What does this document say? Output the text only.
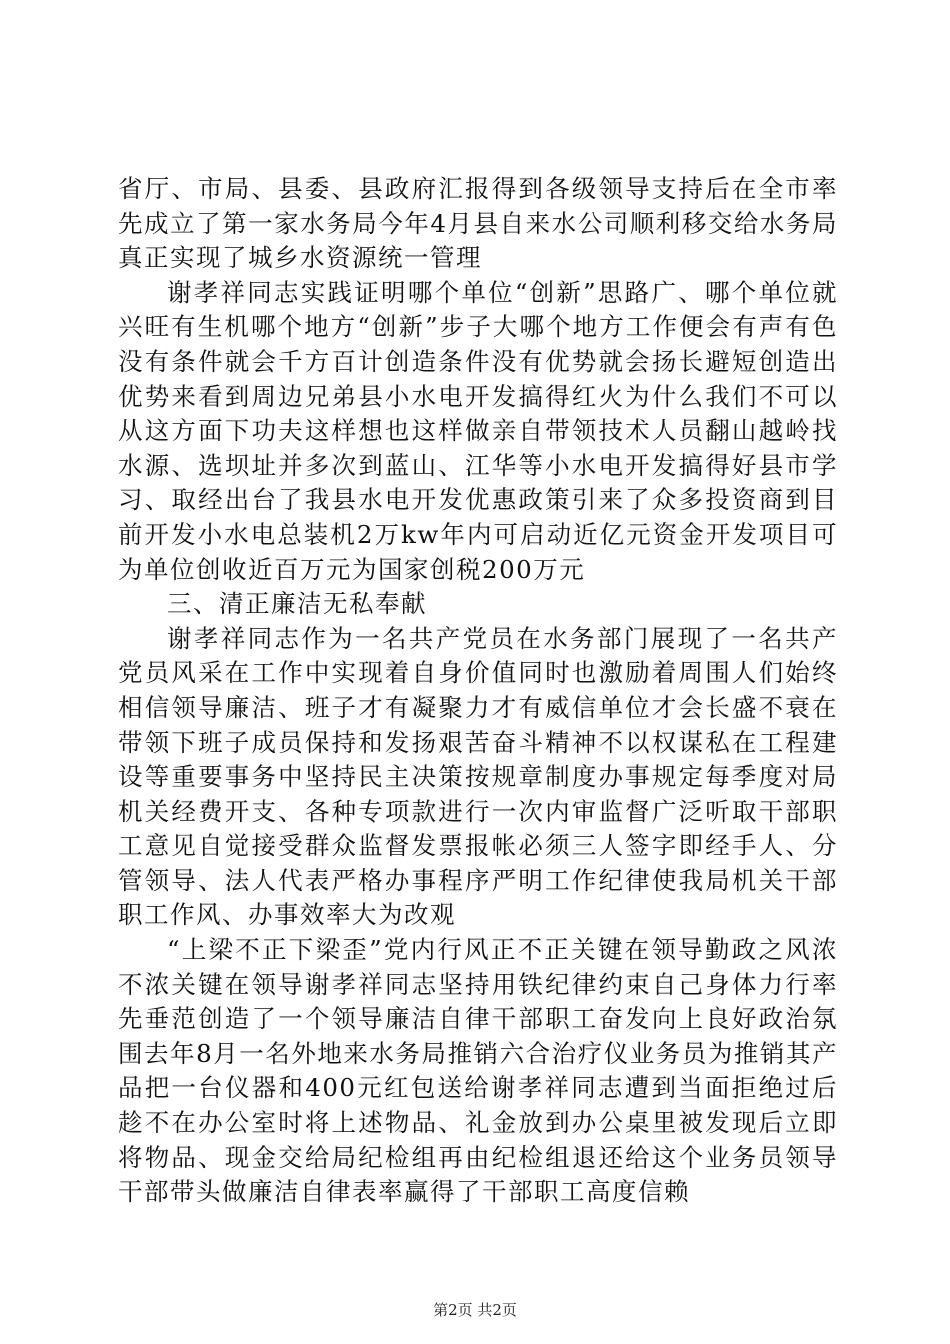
省厅、市局、县委、县政府汇报得到各级领导支持后在全市率先成立了第一家水务局今年4月县自来水公司顺利移交给水务局真正实现了城乡水资源统一管理

谢孝祥同志实践证明哪个单位“创新”思路广、哪个单位就兴旺有生机哪个地方“创新”步子大哪个地方工作便会有声有色没有条件就会千方百计创造条件没有优势就会扬长避短创造出优势来看到周边兄弟县小水电开发搞得红火为什么我们不可以从这方面下功夫这样想也这样做亲自带领技术人员翻山越岭找水源、选坝址并多次到蓝山、江华等小水电开发搞得好县市学习、取经出台了我县水电开发优惠政策引来了众多投资商到目前开发小水电总装机2万kw年内可启动近亿元资金开发项目可为单位创收近百万元为国家创税200万元

三、清正廉洁无私奉献

谢孝祥同志作为一名共产党员在水务部门展现了一名共产党员风采在工作中实现着自身价值同时也激励着周围人们始终相信领导廉洁、班子才有凝聚力才有威信单位才会长盛不衰在带领下班子成员保持和发扬艰苦奋斗精神不以权谋私在工程建设等重要事务中坚持民主决策按规章制度办事规定每季度对局机关经费开支、各种专项款进行一次内审监督广泛听取干部职工意见自觉接受群众监督发票报帐必须三人签字即经手人、分管领导、法人代表严格办事程序严明工作纪律使我局机关干部职工作风、办事效率大为改观

“上梁不正下梁歪”党内行风正不正关键在领导勤政之风浓不浓关键在领导谢孝祥同志坚持用铁纪律约束自己身体力行率先垂范创造了一个领导廉洁自律干部职工奋发向上良好政治氛围去年8月一名外地来水务局推销六合治疗仪业务员为推销其产品把一台仪器和400元红包送给谢孝祥同志遭到当面拒绝过后趁不在办公室时将上述物品、礼金放到办公桌里被发现后立即将物品、现金交给局纪检组再由纪检组退还给这个业务员领导干部带头做廉洁自律表率赢得了干部职工高度信赖

第2页 共2页
